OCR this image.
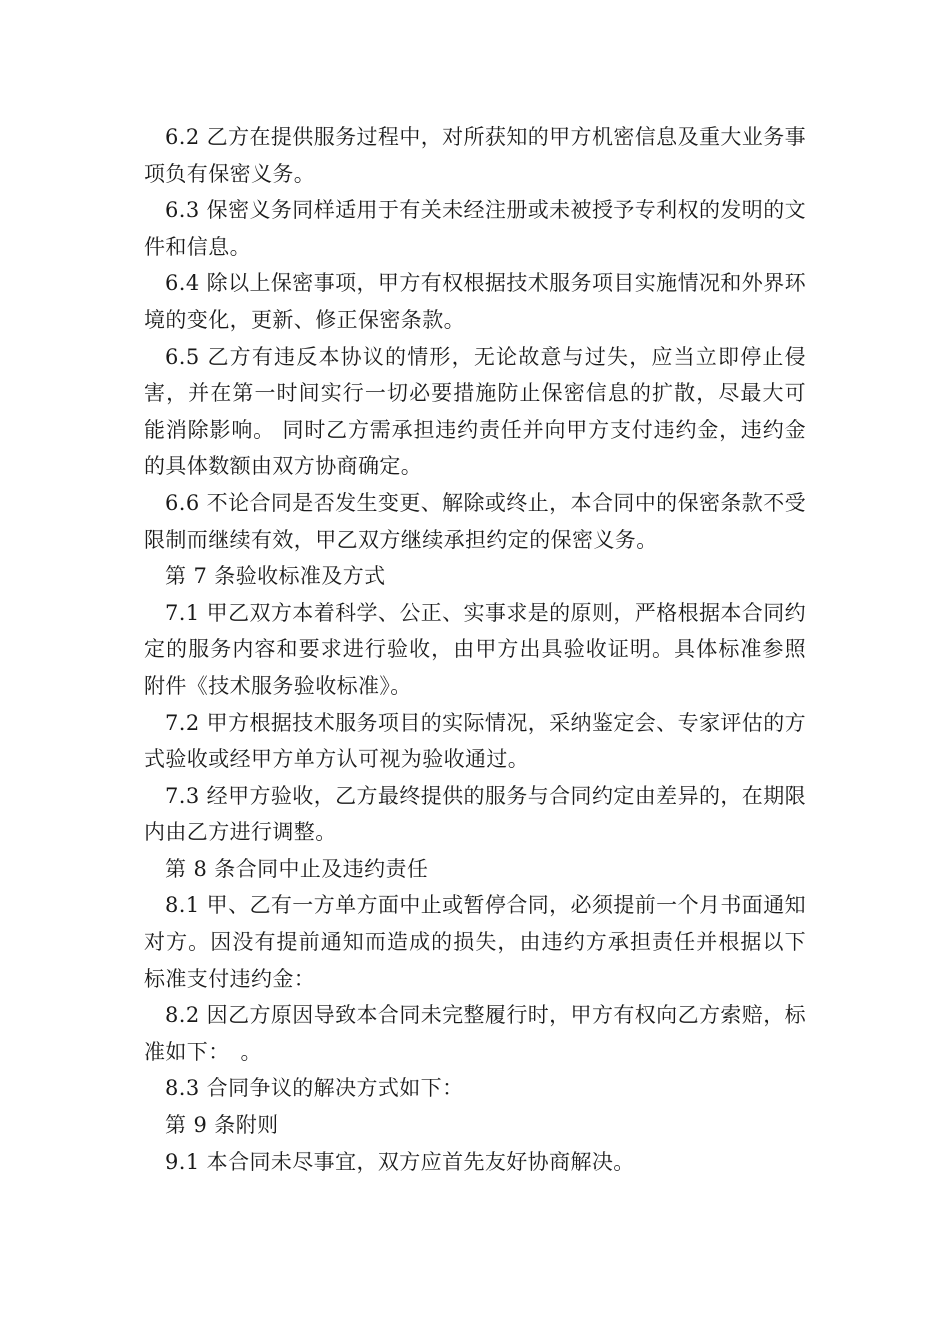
6.2 乙方在提供服务过程中，对所获知的甲方机密信息及重大业务事项负有保密义务。

6.3 保密义务同样适用于有关未经注册或未被授予专利权的发明的文件和信息。

6.4 除以上保密事项，甲方有权根据技术服务项目实施情况和外界环境的变化，更新、修正保密条款。

6.5 乙方有违反本协议的情形，无论故意与过失，应当立即停止侵害，并在第一时间实行一切必要措施防止保密信息的扩散，尽最大可能消除影响。 同时乙方需承担违约责任并向甲方支付违约金，违约金的具体数额由双方协商确定。

6.6 不论合同是否发生变更、解除或终止，本合同中的保密条款不受限制而继续有效，甲乙双方继续承担约定的保密义务。

第 7 条验收标准及方式

7.1 甲乙双方本着科学、公正、实事求是的原则，严格根据本合同约定的服务内容和要求进行验收，由甲方出具验收证明。具体标准参照附件《技术服务验收标准》。

7.2 甲方根据技术服务项目的实际情况，采纳鉴定会、专家评估的方式验收或经甲方单方认可视为验收通过。

7.3 经甲方验收，乙方最终提供的服务与合同约定由差异的，在期限内由乙方进行调整。

第 8 条合同中止及违约责任

8.1 甲、乙有一方单方面中止或暂停合同，必须提前一个月书面通知对方。因没有提前通知而造成的损失，由违约方承担责任并根据以下标准支付违约金：

8.2 因乙方原因导致本合同未完整履行时，甲方有权向乙方索赔，标准如下：　。

8.3 合同争议的解决方式如下：

第 9 条附则

9.1 本合同未尽事宜，双方应首先友好协商解决。
